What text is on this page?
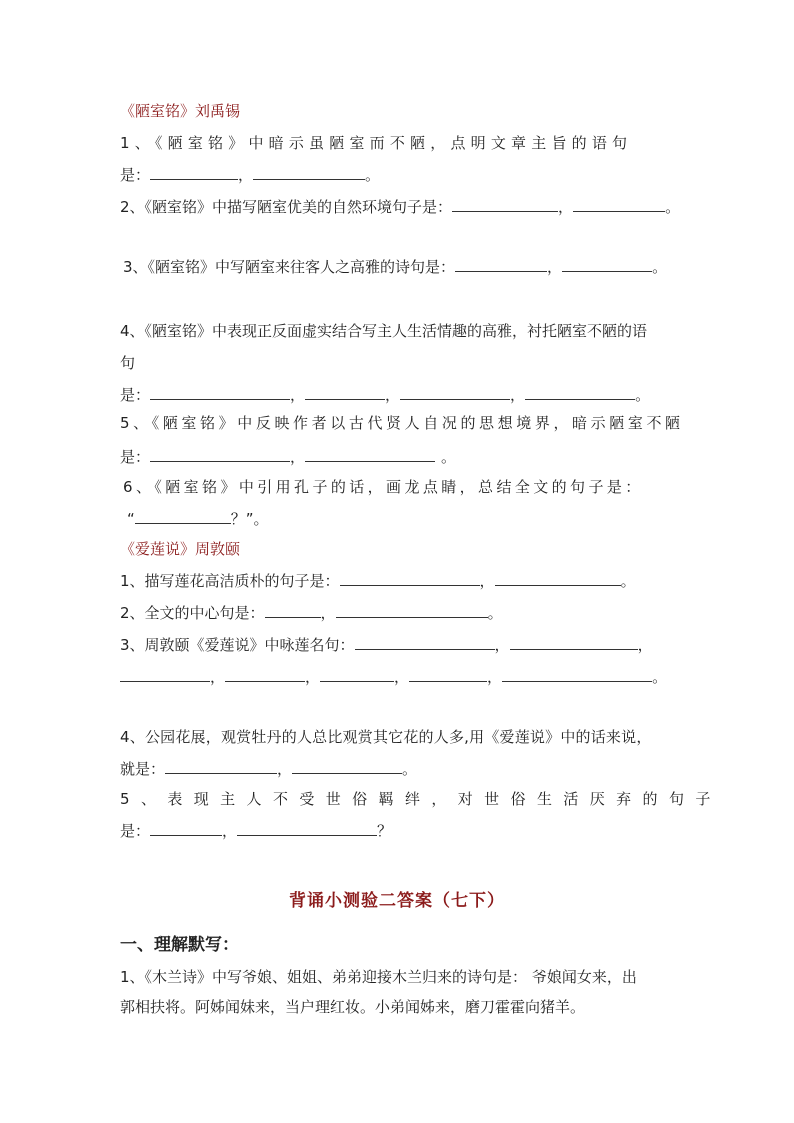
《陋室铭》刘禹锡
1、《陋室铭》中暗示虽陋室而不陋，点明文章主旨的语句
是：	，	。
2、《陋室铭》中描写陋室优美的自然环境句子是：	，	。
3、《陋室铭》中写陋室来往客人之高雅的诗句是：	，	。
4、《陋室铭》中表现正反面虚实结合写主人生活情趣的高雅，衬托陋室不陋的语
句
是：	，	，	，	。
5、《陋室铭》中反映作者以古代贤人自况的思想境界，暗示陋室不陋
是：	，	。
6、《陋室铭》中引用孔子的话，画龙点睛，总结全文的句子是：
“	？”。
《爱莲说》周敦颐
1、描写莲花高洁质朴的句子是：	，	。
2、全文的中心句是：	，	。
3、周敦颐《爱莲说》中咏莲名句：	，	，
，	，	，	，	。
4、公园花展，观赏牡丹的人总比观赏其它花的人多,用《爱莲说》中的话来说，
就是：	，	。
5、表现主人不受世俗羁绊，对世俗生活厌弃的句子
是：	，	？
背诵小测验二答案（七下）
一、理解默写：
1、《木兰诗》中写爷娘、姐姐、弟弟迎接木兰归来的诗句是： 爷娘闻女来，出
郭相扶将。阿姊闻妹来，当户理红妆。小弟闻姊来，磨刀霍霍向猪羊。
